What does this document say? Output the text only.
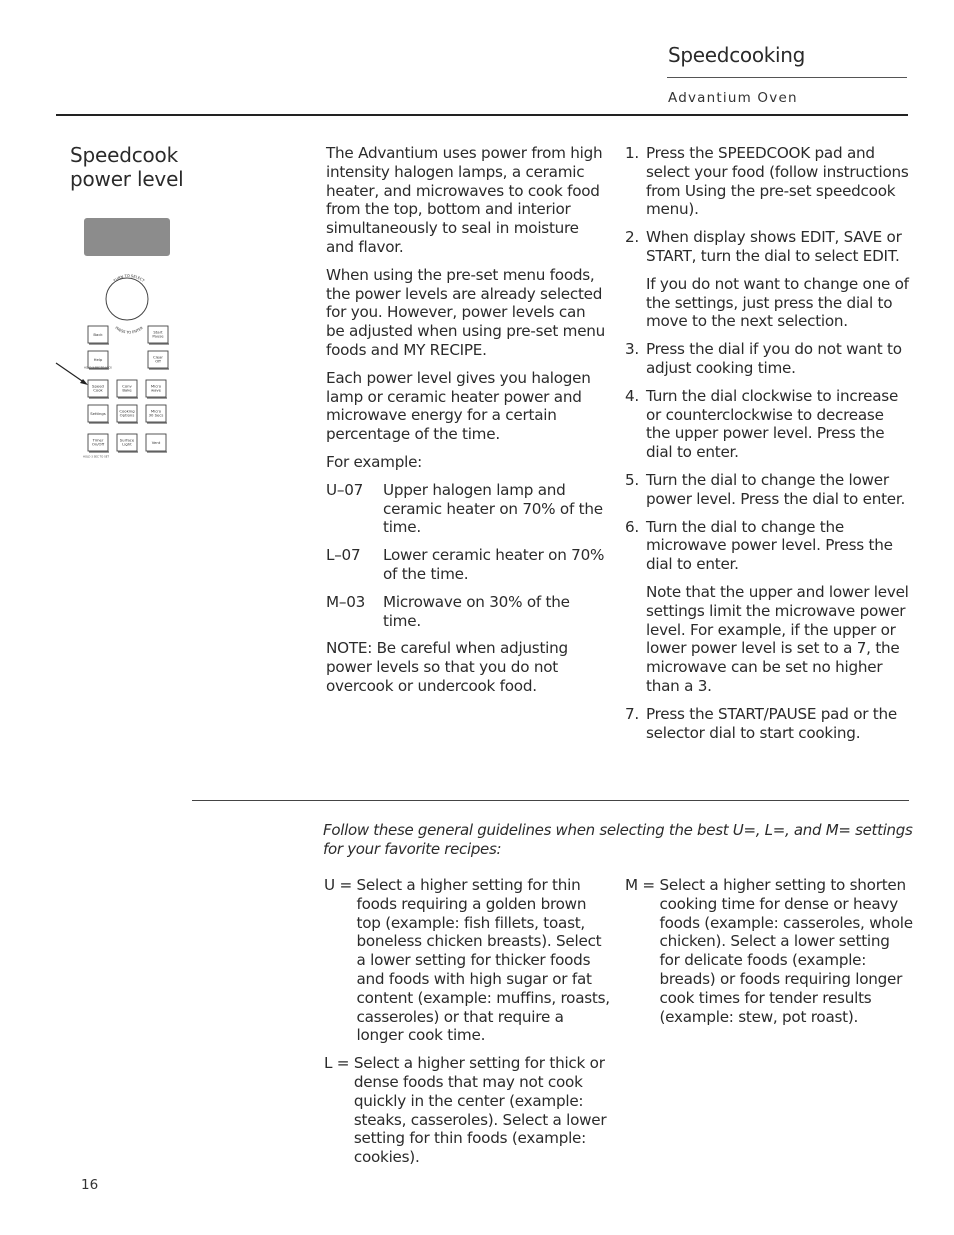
Speedcooking
Advantium Oven
Speedcook
power level
TURN TO SELECT
PRESS TO ENTER
Back	Start
Pause
Help	Clear
Off
Speed
Cook
Conv
Bake
Micro
wave
Settings	Cooking
Options
Micro
30 Secs
Timer
On/Off
Surface
Light	Vent
HOLD 3 SEC TO LOCK
HOLD 3 SEC TO SET

The Advantium uses power from high intensity halogen lamps, a ceramic heater, and microwaves to cook food from the top, bottom and interior simultaneously to seal in moisture and flavor.

When using the pre-set menu foods, the power levels are already selected for you. However, power levels can be adjusted when using pre-set menu foods and MY RECIPE.

Each power level gives you halogen lamp or ceramic heater power and microwave energy for a certain percentage of the time.

For example:

U–07	Upper halogen lamp and ceramic heater on 70% of the time.
L–07	Lower ceramic heater on 70% of the time.
M–03	Microwave on 30% of the time.

NOTE: Be careful when adjusting power levels so that you do not overcook or undercook food.

1. Press the SPEEDCOOK pad and select your food (follow instructions from Using the pre-set speedcook menu).
2. When display shows EDIT, SAVE or START, turn the dial to select EDIT.
If you do not want to change one of the settings, just press the dial to move to the next selection.
3. Press the dial if you do not want to adjust cooking time.
4. Turn the dial clockwise to increase or counterclockwise to decrease the upper power level. Press the dial to enter.
5. Turn the dial to change the lower power level. Press the dial to enter.
6. Turn the dial to change the microwave power level. Press the dial to enter.
Note that the upper and lower level settings limit the microwave power level. For example, if the upper or lower power level is set to a 7, the microwave can be set no higher than a 3.
7. Press the START/PAUSE pad or the selector dial to start cooking.
Follow these general guidelines when selecting the best U=, L=, and M= settings for your favorite recipes:
U = Select a higher setting for thin foods requiring a golden brown top (example: fish fillets, toast, boneless chicken breasts). Select a lower setting for thicker foods and foods with high sugar or fat content (example: muffins, roasts, casseroles) or that require a longer cook time.
L = Select a higher setting for thick or dense foods that may not cook quickly in the center (example: steaks, casseroles). Select a lower setting for thin foods (example: cookies).
M = Select a higher setting to shorten cooking time for dense or heavy foods (example: casseroles, whole chicken). Select a lower setting for delicate foods (example: breads) or foods requiring longer cook times for tender results (example: stew, pot roast).
16
